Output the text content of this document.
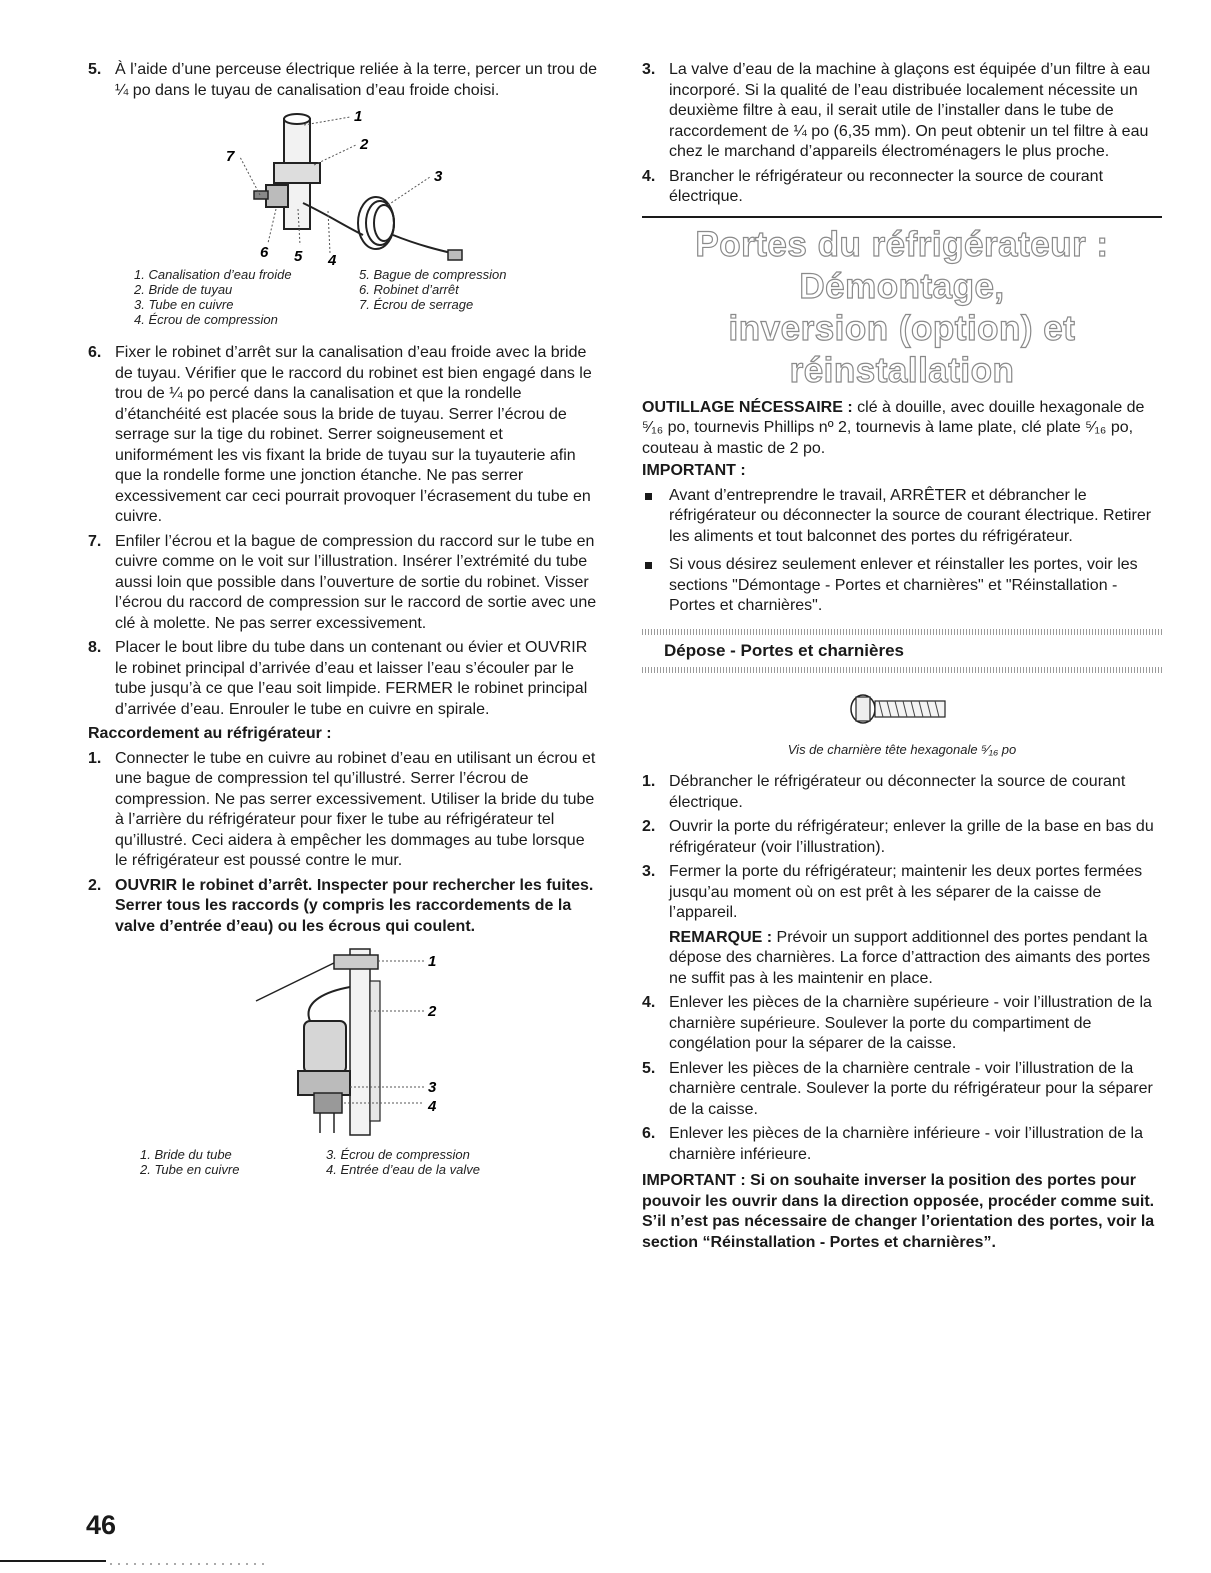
5. À l’aide d’une perceuse électrique reliée à la terre, percer un trou de ¼ po dans le tuyau de canalisation d’eau froide choisi.
1
2
3
4
5
6
7
1. Canalisation d’eau froide
2. Bride de tuyau
3. Tube en cuivre
4. Écrou de compression
5. Bague de compression
6. Robinet d’arrêt
7. Écrou de serrage
6. Fixer le robinet d’arrêt sur la canalisation d’eau froide avec la bride de tuyau. Vérifier que le raccord du robinet est bien engagé dans le trou de ¼ po percé dans la canalisation et que la rondelle d’étanchéité est placée sous la bride de tuyau. Serrer l’écrou de serrage sur la tige du robinet. Serrer soigneusement et uniformément les vis fixant la bride de tuyau sur la tuyauterie afin que la rondelle forme une jonction étanche. Ne pas serrer excessivement car ceci pourrait provoquer l’écrasement du tube en cuivre.
7. Enfiler l’écrou et la bague de compression du raccord sur le tube en cuivre comme on le voit sur l’illustration. Insérer l’extrémité du tube aussi loin que possible dans l’ouverture de sortie du robinet. Visser l’écrou du raccord de compression sur le raccord de sortie avec une clé à molette. Ne pas serrer excessivement.
8. Placer le bout libre du tube dans un contenant ou évier et OUVRIR le robinet principal d’arrivée d’eau et laisser l’eau s’écouler par le tube jusqu’à ce que l’eau soit limpide. FERMER le robinet principal d’arrivée d’eau. Enrouler le tube en cuivre en spirale.
Raccordement au réfrigérateur :
1. Connecter le tube en cuivre au robinet d’eau en utilisant un écrou et une bague de compression tel qu’illustré. Serrer l’écrou de compression. Ne pas serrer excessivement. Utiliser la bride du tube à l’arrière du réfrigérateur pour fixer le tube au réfrigérateur tel qu’illustré. Ceci aidera à empêcher les dommages au tube lorsque le réfrigérateur est poussé contre le mur.
2. OUVRIR le robinet d’arrêt. Inspecter pour rechercher les fuites. Serrer tous les raccords (y compris les raccordements de la valve d’entrée d’eau) ou les écrous qui coulent.
1
2
3
4
1. Bride du tube
2. Tube en cuivre
3. Écrou de compression
4. Entrée d’eau de la valve
3. La valve d’eau de la machine à glaçons est équipée d’un filtre à eau incorporé. Si la qualité de l’eau distribuée localement nécessite un deuxième filtre à eau, il serait utile de l’installer dans le tube de raccordement de ¼ po (6,35 mm). On peut obtenir un tel filtre à eau chez le marchand d’appareils électroménagers le plus proche.
4. Brancher le réfrigérateur ou reconnecter la source de courant électrique.
Portes du réfrigérateur : Démontage,
inversion (option) et réinstallation
OUTILLAGE NÉCESSAIRE : clé à douille, avec douille hexagonale de ⁵⁄₁₆ po, tournevis Phillips nº 2, tournevis à lame plate, clé plate ⁵⁄₁₆ po, couteau à mastic de 2 po.
IMPORTANT :
Avant d’entreprendre le travail, ARRÊTER et débrancher le réfrigérateur ou déconnecter la source de courant électrique. Retirer les aliments et tout balconnet des portes du réfrigérateur.
Si vous désirez seulement enlever et réinstaller les portes, voir les sections "Démontage - Portes et charnières" et "Réinstallation - Portes et charnières".
Dépose - Portes et charnières
Vis de charnière tête hexagonale ⁵⁄₁₆ po
1. Débrancher le réfrigérateur ou déconnecter la source de courant électrique.
2. Ouvrir la porte du réfrigérateur; enlever la grille de la base en bas du réfrigérateur (voir l’illustration).
3. Fermer la porte du réfrigérateur; maintenir les deux portes fermées jusqu’au moment où on est prêt à les séparer de la caisse de l’appareil.
REMARQUE : Prévoir un support additionnel des portes pendant la dépose des charnières. La force d’attraction des aimants des portes ne suffit pas à les maintenir en place.
4. Enlever les pièces de la charnière supérieure - voir l’illustration de la charnière supérieure. Soulever la porte du compartiment de congélation pour la séparer de la caisse.
5. Enlever les pièces de la charnière centrale - voir l’illustration de la charnière centrale. Soulever la porte du réfrigérateur pour la séparer de la caisse.
6. Enlever les pièces de la charnière inférieure - voir l’illustration de la charnière inférieure.
IMPORTANT : Si on souhaite inverser la position des portes pour pouvoir les ouvrir dans la direction opposée, procéder comme suit. S’il n’est pas nécessaire de changer l’orientation des portes, voir la section “Réinstallation - Portes et charnières”.
46
